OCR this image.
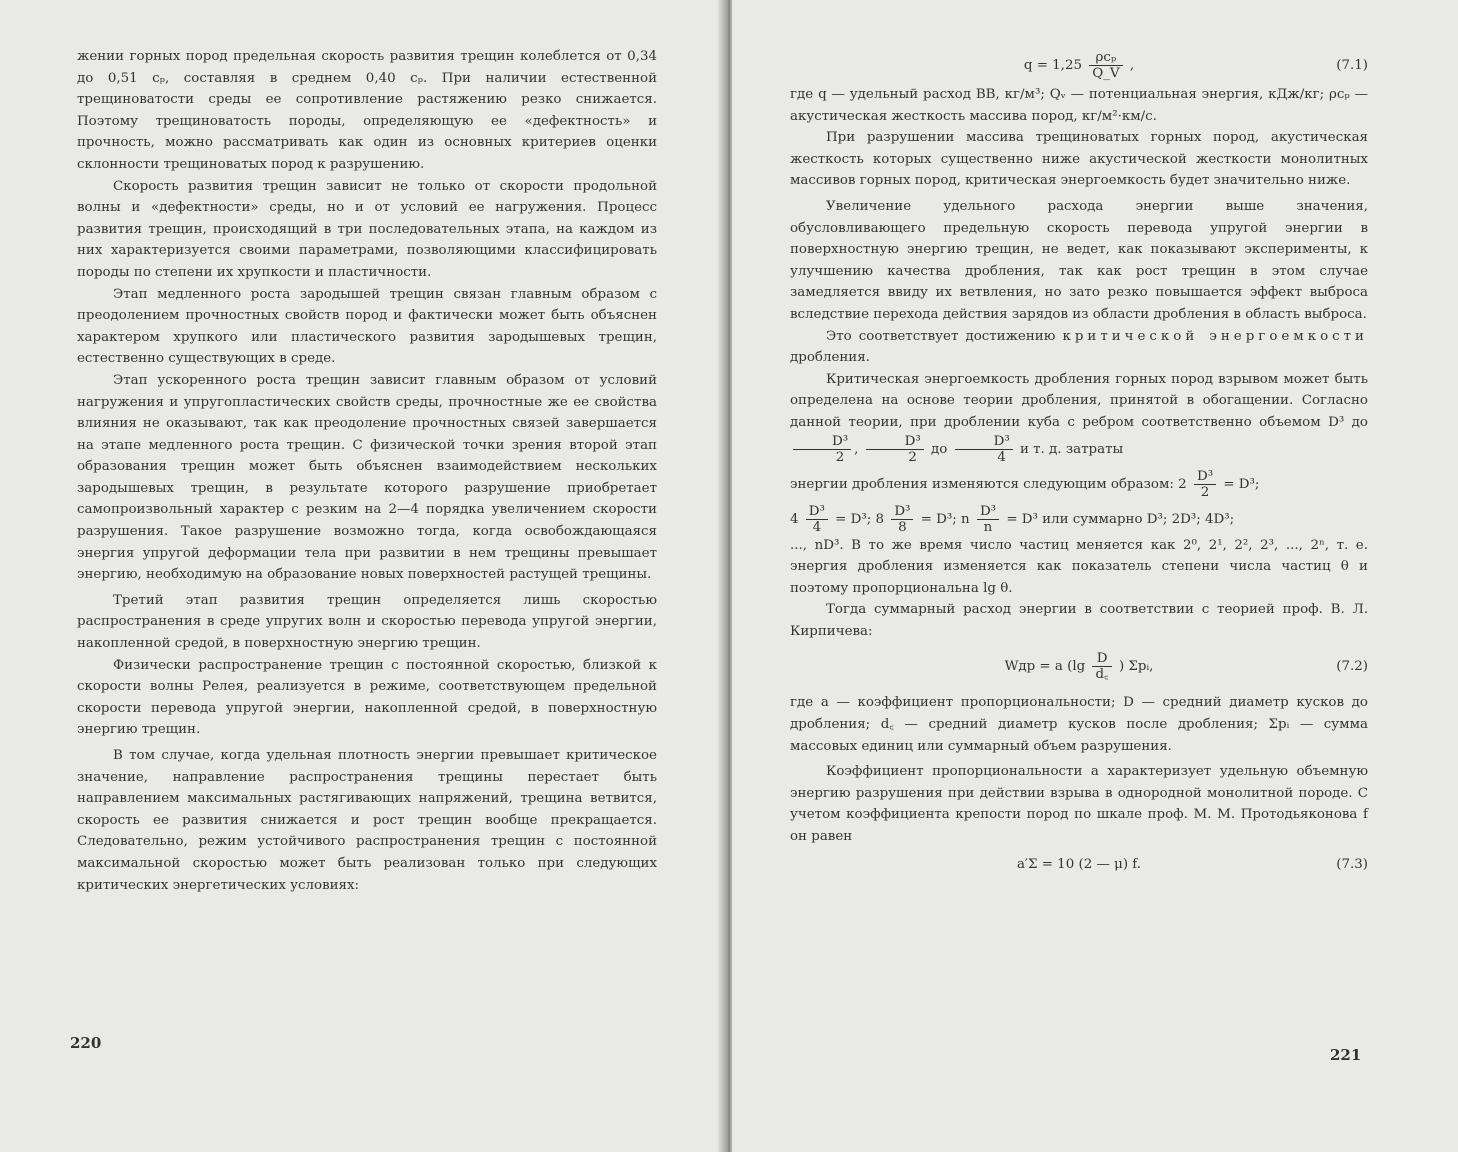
жении горных пород предельная скорость развития трещин колеблется от 0,34 до 0,51 cₚ, составляя в среднем 0,40 cₚ. При наличии естественной трещиноватости среды ее сопротивление растяжению резко снижается. Поэтому трещиноватость породы, определяющую ее «дефектность» и прочность, можно рассматривать как один из основных критериев оценки склонности трещиноватых пород к разрушению.

Скорость развития трещин зависит не только от скорости продольной волны и «дефектности» среды, но и от условий ее нагружения. Процесс развития трещин, происходящий в три последовательных этапа, на каждом из них характеризуется своими параметрами, позволяющими классифицировать породы по степени их хрупкости и пластичности.

Этап медленного роста зародышей трещин связан главным образом с преодолением прочностных свойств пород и фактически может быть объяснен характером хрупкого или пластического развития зародышевых трещин, естественно существующих в среде.

Этап ускоренного роста трещин зависит главным образом от условий нагружения и упругопластических свойств среды, прочностные же ее свойства влияния не оказывают, так как преодоление прочностных связей завершается на этапе медленного роста трещин. С физической точки зрения второй этап образования трещин может быть объяснен взаимодействием нескольких зародышевых трещин, в результате которого разрушение приобретает самопроизвольный характер с резким на 2—4 порядка увеличением скорости разрушения. Такое разрушение возможно тогда, когда освобождающаяся энергия упругой деформации тела при развитии в нем трещины превышает энергию, необходимую на образование новых поверхностей растущей трещины.

Третий этап развития трещин определяется лишь скоростью распространения в среде упругих волн и скоростью перевода упругой энергии, накопленной средой, в поверхностную энергию трещин.

Физически распространение трещин с постоянной скоростью, близкой к скорости волны Релея, реализуется в режиме, соответствующем предельной скорости перевода упругой энергии, накопленной средой, в поверхностную энергию трещин.

В том случае, когда удельная плотность энергии превышает критическое значение, направление распространения трещины перестает быть направлением максимальных растягивающих напряжений, трещина ветвится, скорость ее развития снижается и рост трещин вообще прекращается. Следовательно, режим устойчивого распространения трещин с постоянной максимальной скоростью может быть реализован только при следующих критических энергетических условиях:

220
$q = 1,25 \frac{\text{ρcₚ}}{Q\_V}$ ,	(7.1)

где q — удельный расход ВВ, кг/м³; Qᵥ — потенциальная энергия, кДж/кг; ρcₚ — акустическая жесткость массива пород, кг/м²·км/с.

При разрушении массива трещиноватых горных пород, акустическая жесткость которых существенно ниже акустической жесткости монолитных массивов горных пород, критическая энергоемкость будет значительно ниже.

Увеличение удельного расхода энергии выше значения, обусловливающего предельную скорость перевода упругой энергии в поверхностную энергию трещин, не ведет, как показывают эксперименты, к улучшению качества дробления, так как рост трещин в этом случае замедляется ввиду их ветвления, но зато резко повышается эффект выброса вследствие перехода действия зарядов из области дробления в область выброса.

Это соответствует достижению критической энергоемкости дробления.

Критическая энергоемкость дробления горных пород взрывом может быть определена на основе теории дробления, принятой в обогащении. Согласно данной теории, при дроблении куба с ребром соответственно объемом D³ до
$\frac{\text{D³}}{2}$ , $\frac{\text{D³}}{2}$ до $\frac{\text{D³}}{4}$ и т. д. затраты

энергии дробления изменяются следующим образом: $2 \frac{\text{D³}}{2} = D^3$;

$4 \frac{\text{D³}}{4} = D^3$; $8 \frac{\text{D³}}{8} = D^3$; n $\frac{\text{D³}}{n} = D^3$ или суммарно D³; 2D³; 4D³;

..., nD³. В то же время число частиц меняется как 2⁰, 2¹, 2², 2³, ..., 2ⁿ, т. е. энергия дробления изменяется как показатель степени числа частиц θ и поэтому пропорциональна lg θ.

Тогда суммарный расход энергии в соответствии с теорией проф. В. Л. Кирпичева:

Wдр = a ($\lg \frac{D}{d꜀}$ ) Σpᵢ,	(7.2)

где a — коэффициент пропорциональности; D — средний диаметр кусков до дробления; d꜀ — средний диаметр кусков после дробления; Σpᵢ — сумма массовых единиц или суммарный объем разрушения.

Коэффициент пропорциональности a характеризует удельную объемную энергию разрушения при действии взрыва в однородной монолитной породе. С учетом коэффициента крепости пород по шкале проф. М. М. Протодьяконова f он равен

a′Σ = 10 (2 — μ) f.	(7.3)
221
